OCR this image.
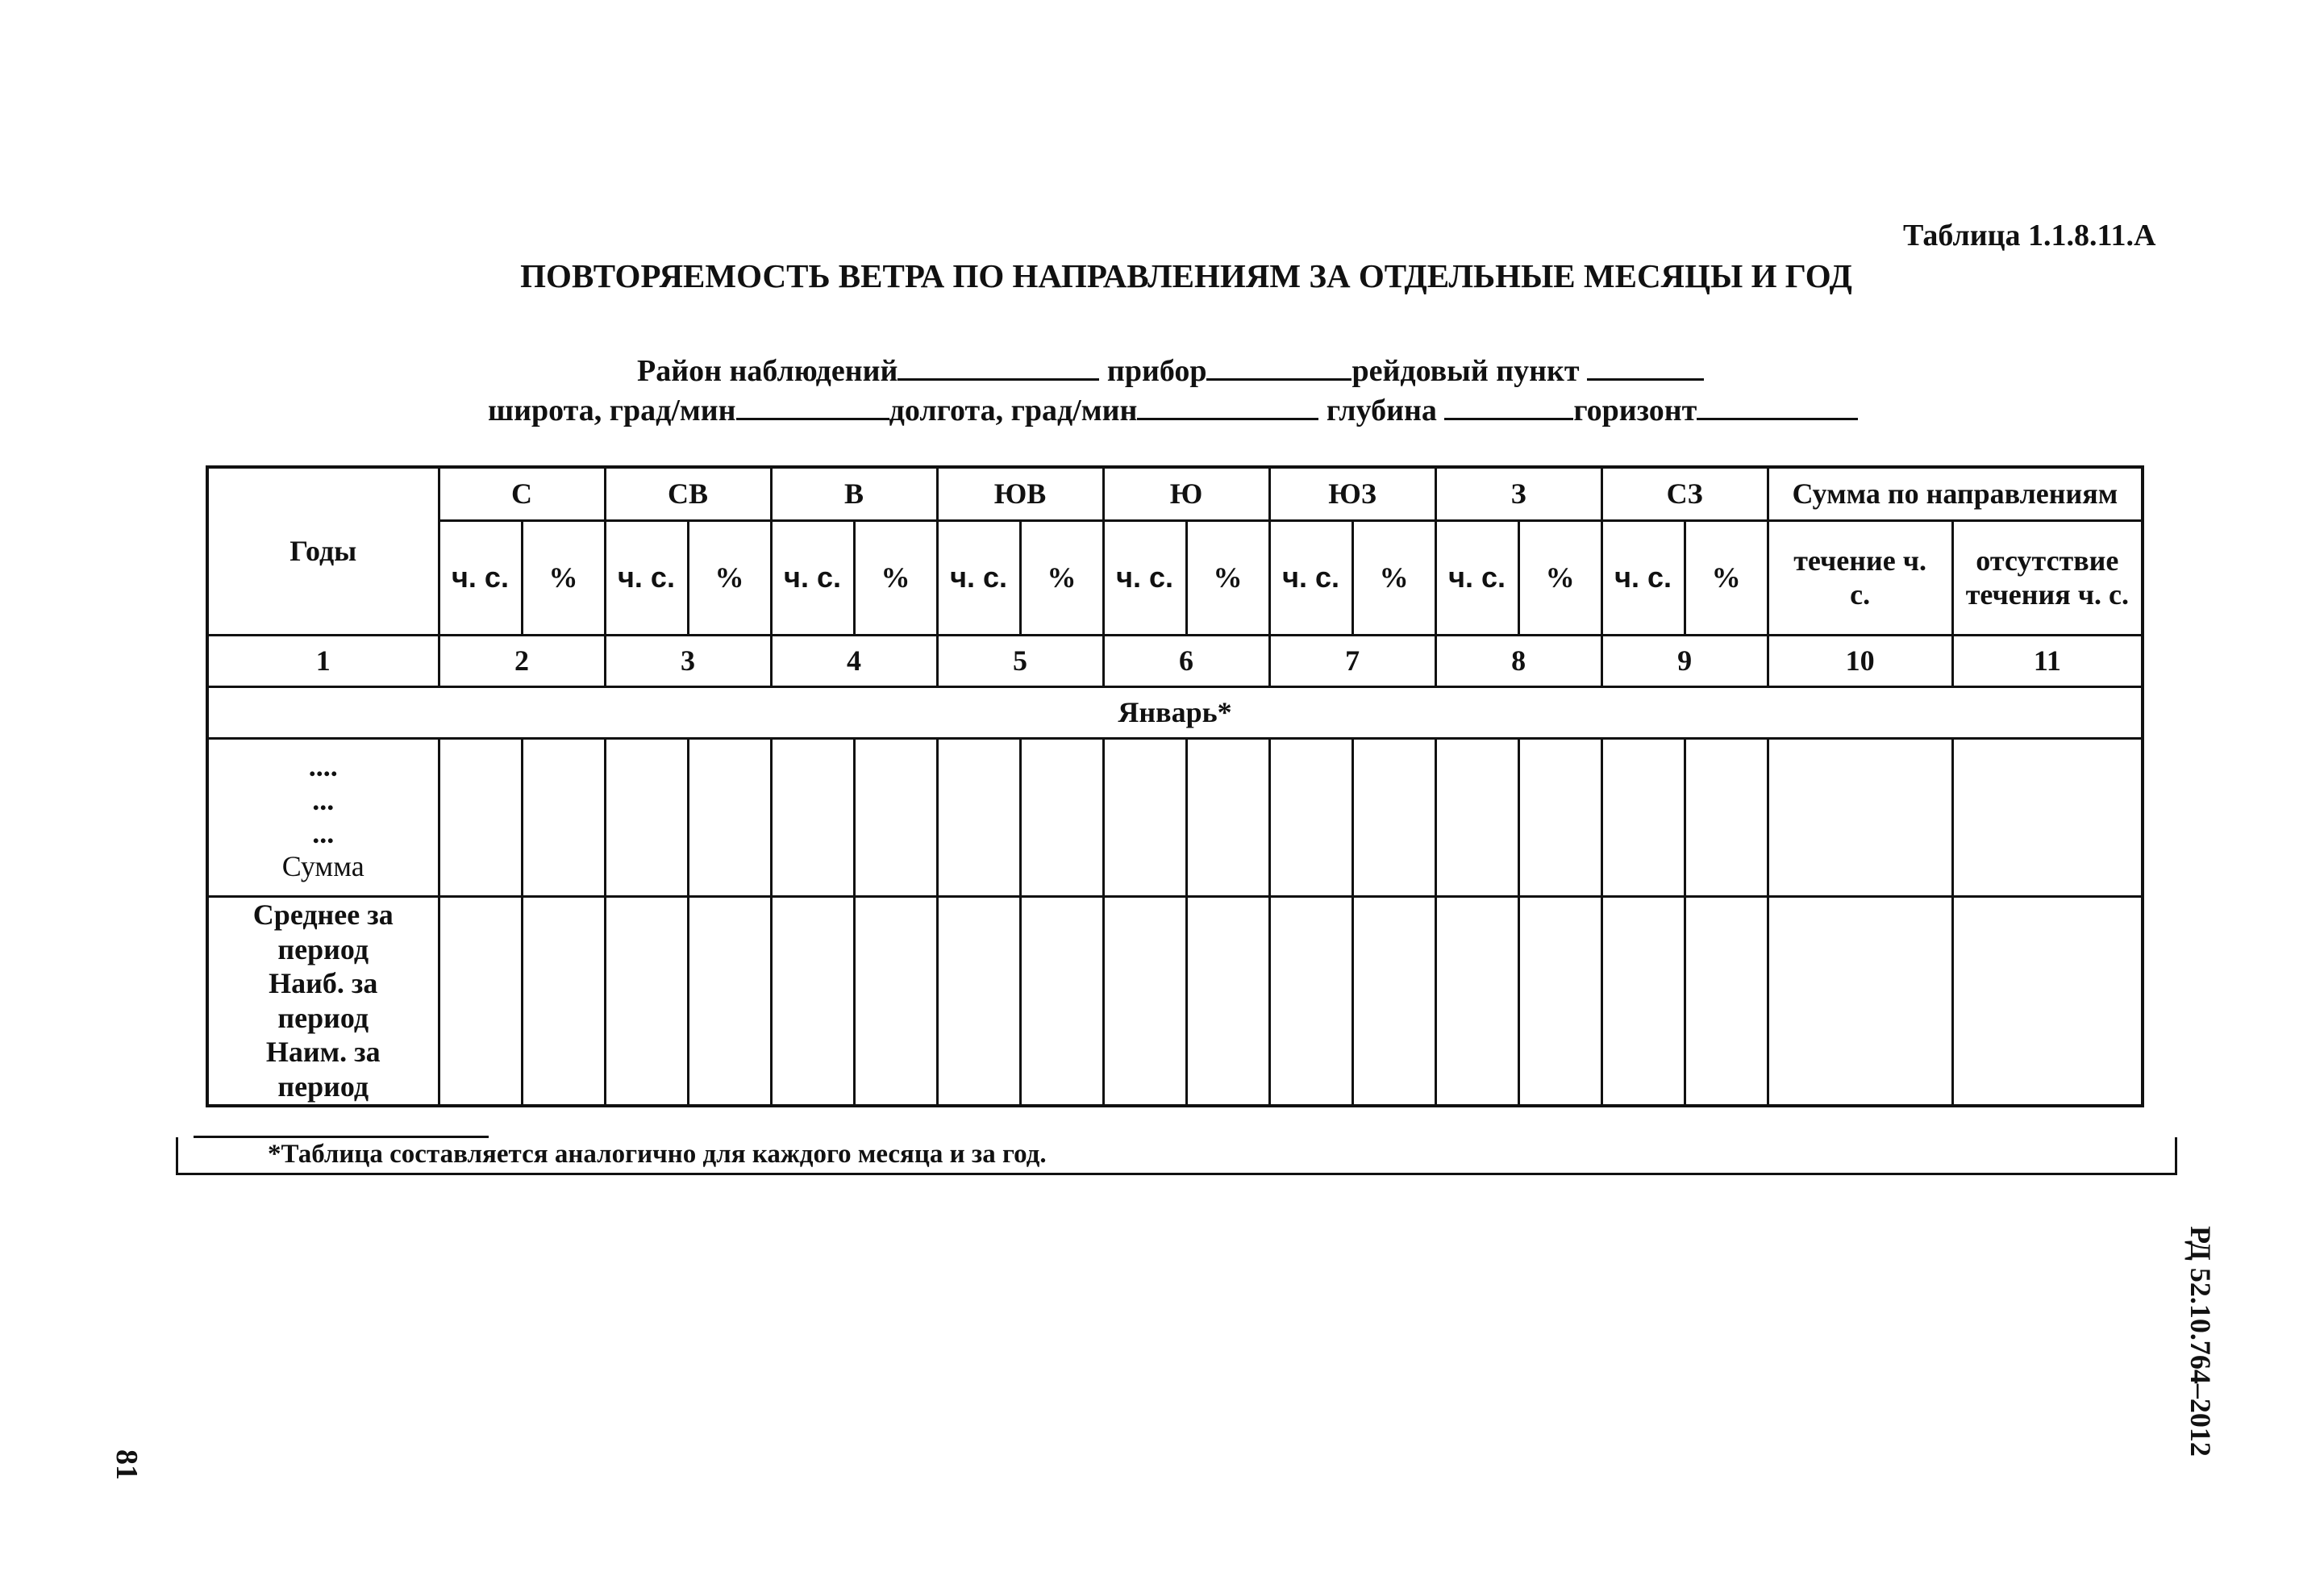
Таблица 1.1.8.11.А
ПОВТОРЯЕМОСТЬ ВЕТРА ПО НАПРАВЛЕНИЯМ ЗА ОТДЕЛЬНЫЕ МЕСЯЦЫ И ГОД
Район наблюдений	прибор	рейдовый пункт
широта, град/мин	долгота, град/мин	глубина	горизонт
Годы	С		СВ		В		ЮВ		Ю		ЮЗ		З		СЗ		Сумма по направлениям	
	ч. с.	%	ч. с.	%	ч. с.	%	ч. с.	%	ч. с.	%	ч. с.	%	ч. с.	%	ч. с.	%	течение ч. с.	отсутствие течения ч. с.
1	2		3		4		5		6		7		8		9		10	11
Январь*																		

....
...
...
Сумма																		

Среднее за период
Наиб. за период
Наим. за период																		

*Таблица составляется аналогично для каждого месяца и за год.
РД 52.10.764–2012
81
